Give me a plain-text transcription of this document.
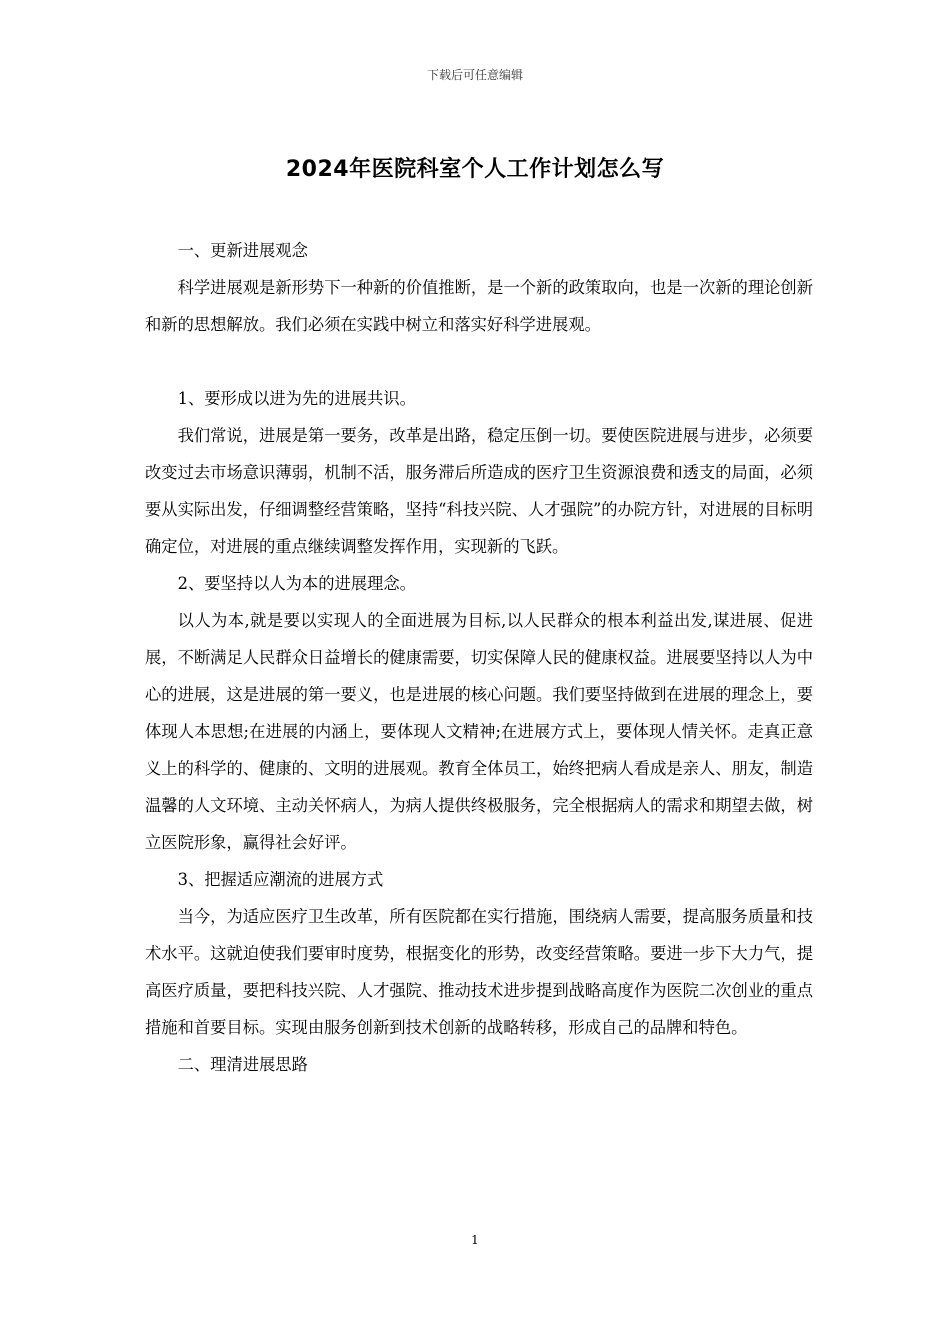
下载后可任意编辑
2024年医院科室个人工作计划怎么写

一、更新进展观念

科学进展观是新形势下一种新的价值推断，是一个新的政策取向，也是一次新的理论创新和新的思想解放。我们必须在实践中树立和落实好科学进展观。

1、要形成以进为先的进展共识。

我们常说，进展是第一要务，改革是出路，稳定压倒一切。要使医院进展与进步，必须要改变过去市场意识薄弱，机制不活，服务滞后所造成的医疗卫生资源浪费和透支的局面，必须要从实际出发，仔细调整经营策略，坚持“科技兴院、人才强院”的办院方针，对进展的目标明确定位，对进展的重点继续调整发挥作用，实现新的飞跃。

2、要坚持以人为本的进展理念。

以人为本,就是要以实现人的全面进展为目标,以人民群众的根本利益出发,谋进展、促进展，不断满足人民群众日益增长的健康需要，切实保障人民的健康权益。进展要坚持以人为中心的进展，这是进展的第一要义，也是进展的核心问题。我们要坚持做到在进展的理念上，要体现人本思想;在进展的内涵上，要体现人文精神;在进展方式上，要体现人情关怀。走真正意义上的科学的、健康的、文明的进展观。教育全体员工，始终把病人看成是亲人、朋友，制造温馨的人文环境、主动关怀病人，为病人提供终极服务，完全根据病人的需求和期望去做，树立医院形象，赢得社会好评。

3、把握适应潮流的进展方式

当今，为适应医疗卫生改革，所有医院都在实行措施，围绕病人需要，提高服务质量和技术水平。这就迫使我们要审时度势，根据变化的形势，改变经营策略。要进一步下大力气，提高医疗质量，要把科技兴院、人才强院、推动技术进步提到战略高度作为医院二次创业的重点措施和首要目标。实现由服务创新到技术创新的战略转移，形成自己的品牌和特色。

二、理清进展思路

1
